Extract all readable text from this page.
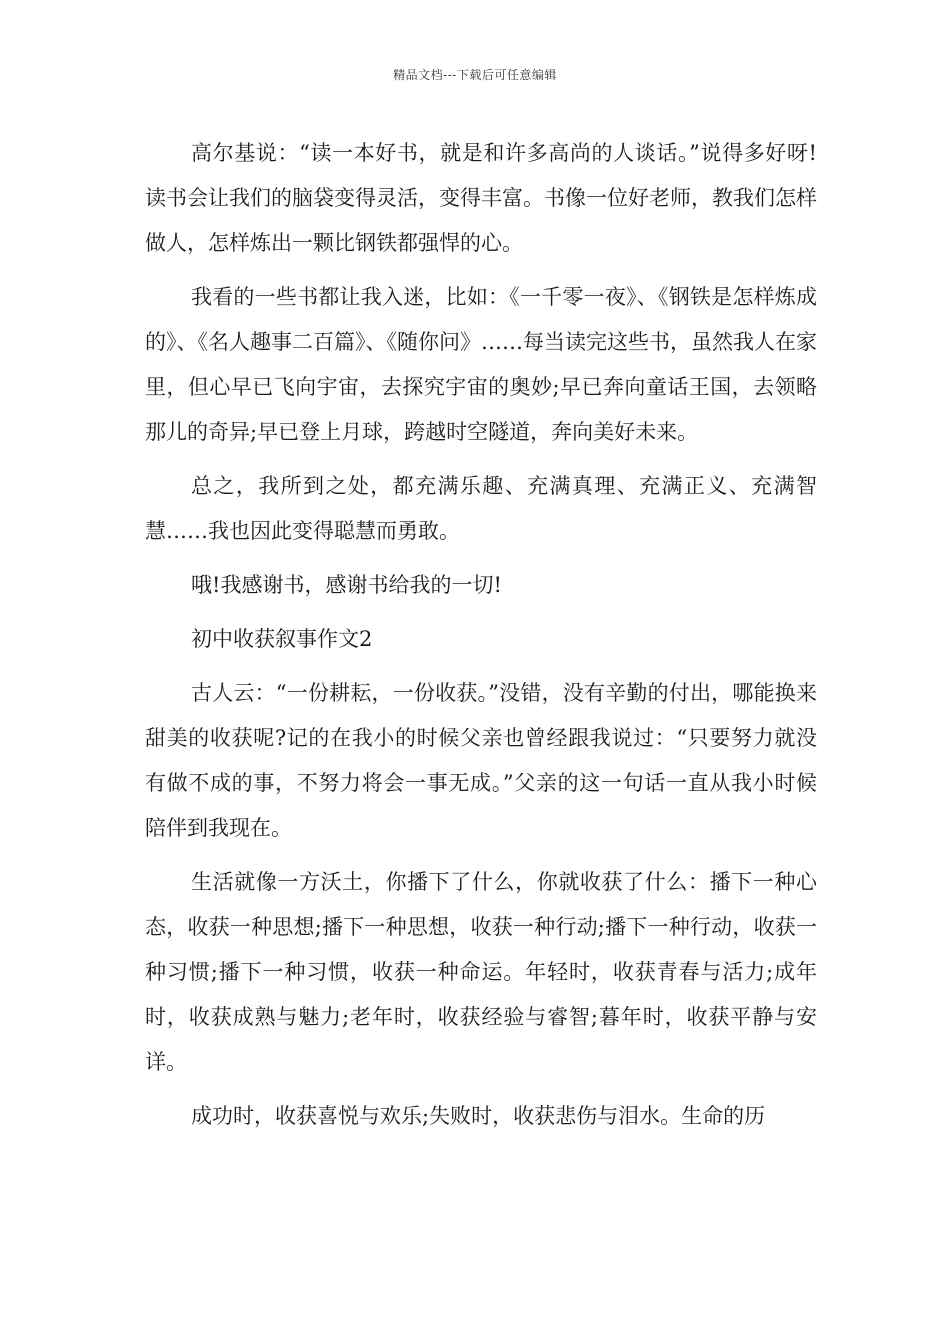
精品文档---下载后可任意编辑

高尔基说：“读一本好书，就是和许多高尚的人谈话。”说得多好呀!读书会让我们的脑袋变得灵活，变得丰富。书像一位好老师，教我们怎样做人，怎样炼出一颗比钢铁都强悍的心。

我看的一些书都让我入迷，比如：《一千零一夜》、《钢铁是怎样炼成的》、《名人趣事二百篇》、《随你问》……每当读完这些书，虽然我人在家里，但心早已飞向宇宙，去探究宇宙的奥妙;早已奔向童话王国，去领略那儿的奇异;早已登上月球，跨越时空隧道，奔向美好未来。

总之，我所到之处，都充满乐趣、充满真理、充满正义、充满智慧……我也因此变得聪慧而勇敢。

哦!我感谢书，感谢书给我的一切!

初中收获叙事作文2

古人云：“一份耕耘，一份收获。”没错，没有辛勤的付出，哪能换来甜美的收获呢?记的在我小的时候父亲也曾经跟我说过：“只要努力就没有做不成的事，不努力将会一事无成。”父亲的这一句话一直从我小时候陪伴到我现在。

生活就像一方沃土，你播下了什么，你就收获了什么：播下一种心态，收获一种思想;播下一种思想，收获一种行动;播下一种行动，收获一种习惯;播下一种习惯，收获一种命运。年轻时，收获青春与活力;成年时，收获成熟与魅力;老年时，收获经验与睿智;暮年时，收获平静与安详。

成功时，收获喜悦与欢乐;失败时，收获悲伤与泪水。生命的历
